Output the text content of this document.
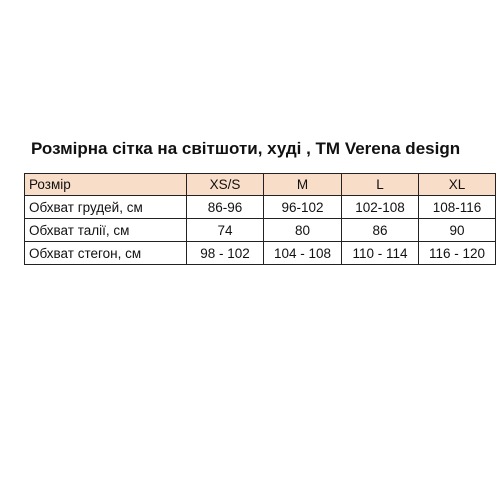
Розмірна сітка на світшоти, худі , ТМ Verena design
Розмір	XS/S	M	L	XL
Обхват грудей, см	86-96	96-102	102-108	108-116
Обхват талії, см	74	80	86	90
Обхват стегон, см	98 - 102	104 - 108	110 - 114	116 - 120
